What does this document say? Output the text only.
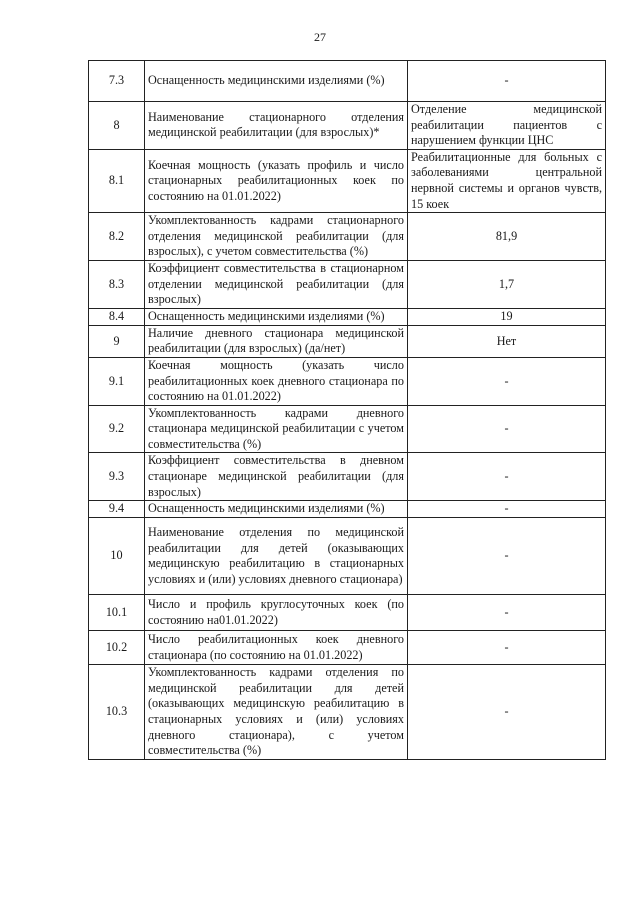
27
7.3	Оснащенность медицинскими изделиями (%)	-
8	Наименование стационарного отделения медицинской реабилитации (для взрослых)*	Отделение медицинской реабилитации пациентов с нарушением функции ЦНС
8.1	Коечная мощность (указать профиль и число стационарных реабилитационных коек по состоянию на 01.01.2022)	Реабилитационные для больных с заболеваниями центральной нервной системы и органов чувств, 15 коек
8.2	Укомплектованность кадрами стационарного отделения медицинской реабилитации (для взрослых), с учетом совместительства (%)	81,9
8.3	Коэффициент совместительства в стационарном отделении медицинской реабилитации (для взрослых)	1,7
8.4	Оснащенность медицинскими изделиями (%)	19
9	Наличие дневного стационара медицинской реабилитации (для взрослых) (да/нет)	Нет
9.1	Коечная мощность (указать число реабилитационных коек дневного стационара по состоянию на 01.01.2022)	-
9.2	Укомплектованность кадрами дневного стационара медицинской реабилитации с учетом совместительства (%)	-
9.3	Коэффициент совместительства в дневном стационаре медицинской реабилитации (для взрослых)	-
9.4	Оснащенность медицинскими изделиями (%)	-
10	Наименование отделения по медицинской реабилитации для детей (оказывающих медицинскую реабилитацию в стационарных условиях и (или) условиях дневного стационара)	-
10.1	Число и профиль круглосуточных коек (по состоянию на01.01.2022)	-
10.2	Число реабилитационных коек дневного стационара (по состоянию на 01.01.2022)	-
10.3	Укомплектованность кадрами отделения по медицинской реабилитации для детей (оказывающих медицинскую реабилитацию в стационарных условиях и (или) условиях дневного стационара), с учетом совместительства (%)	-
